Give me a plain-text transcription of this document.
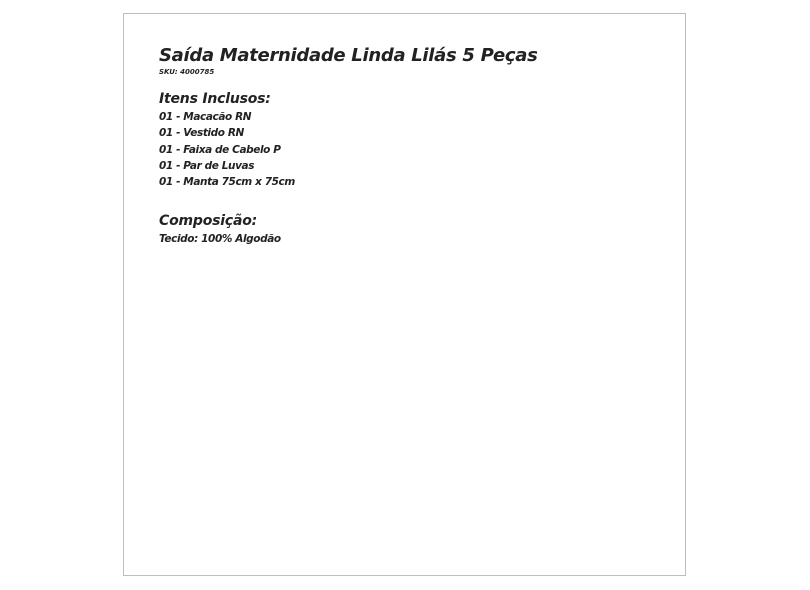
Saída Maternidade Linda Lilás 5 Peças

SKU: 4000785

Itens Inclusos:
01 - Macacão RN
01 - Vestido RN
01 - Faixa de Cabelo P
01 - Par de Luvas
01 - Manta 75cm x 75cm
Composição:

Tecido: 100% Algodão
